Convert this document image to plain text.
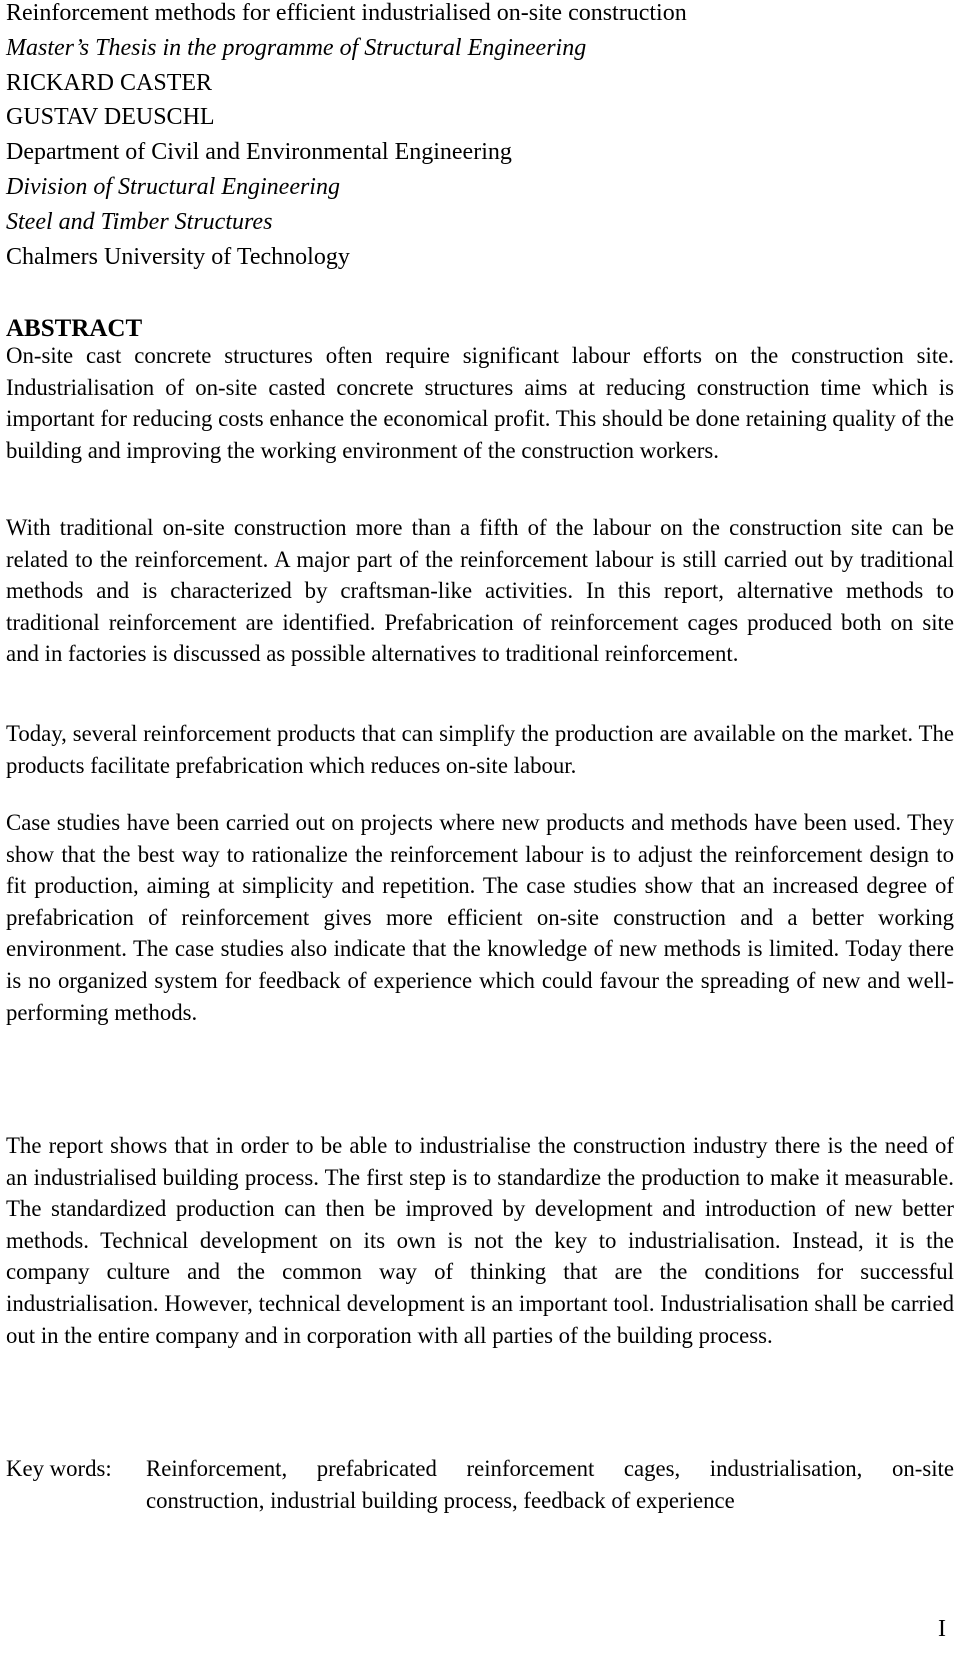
Reinforcement methods for efficient industrialised on-site construction

Master’s Thesis in the programme of Structural Engineering

RICKARD CASTER

GUSTAV DEUSCHL

Department of Civil and Environmental Engineering

Division of Structural Engineering

Steel and Timber Structures

Chalmers University of Technology

ABSTRACT

On-site cast concrete structures often require significant labour efforts on the construction site. Industrialisation of on-site casted concrete structures aims at reducing construction time which is important for reducing costs enhance the economical profit. This should be done retaining quality of the building and improving the working environment of the construction workers.

With traditional on-site construction more than a fifth of the labour on the construction site can be related to the reinforcement. A major part of the reinforcement labour is still carried out by traditional methods and is characterized by craftsman-like activities. In this report, alternative methods to traditional reinforcement are identified. Prefabrication of reinforcement cages produced both on site and in factories is discussed as possible alternatives to traditional reinforcement.

Today, several reinforcement products that can simplify the production are available on the market. The products facilitate prefabrication which reduces on-site labour.

Case studies have been carried out on projects where new products and methods have been used. They show that the best way to rationalize the reinforcement labour is to adjust the reinforcement design to fit production, aiming at simplicity and repetition. The case studies show that an increased degree of prefabrication of reinforcement gives more efficient on-site construction and a better working environment. The case studies also indicate that the knowledge of new methods is limited. Today there is no organized system for feedback of experience which could favour the spreading of new and well-performing methods.

The report shows that in order to be able to industrialise the construction industry there is the need of an industrialised building process. The first step is to standardize the production to make it measurable. The standardized production can then be improved by development and introduction of new better methods. Technical development on its own is not the key to industrialisation. Instead, it is the company culture and the common way of thinking that are the conditions for successful industrialisation. However, technical development is an important tool. Industrialisation shall be carried out in the entire company and in corporation with all parties of the building process.

Key words:	Reinforcement, prefabricated reinforcement cages, industrialisation, on-site construction, industrial building process, feedback of experience
I
